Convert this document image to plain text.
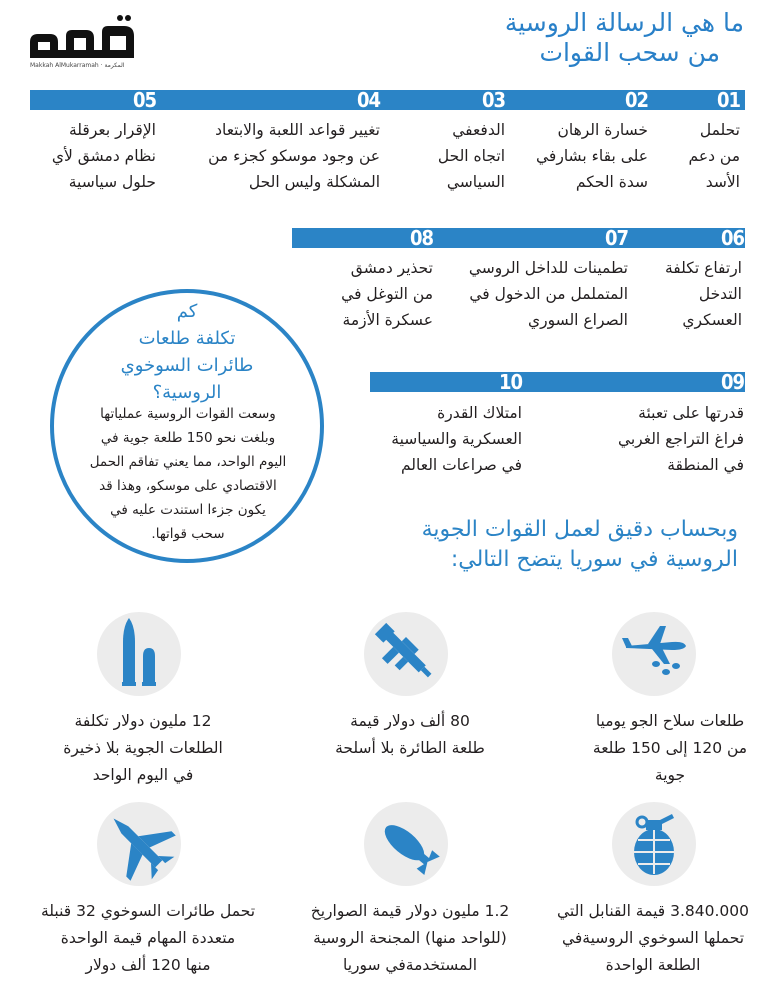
Makkah AlMukarramah · المكرمة
ما هي الرسالة الروسية
من سحب القوات
01
02
03
04
05
تحلمل
من دعم
الأسد
خسارة الرهان
على بقاء بشارفي
سدة الحكم
الدفعفي
اتجاه الحل
السياسي
تغيير قواعد اللعبة والابتعاد
عن وجود موسكو كجزء من
المشكلة وليس الحل
الإقرار بعرقلة
نظام دمشق لأي
حلول سياسية
06
07
08
ارتفاع تكلفة
التدخل
العسكري
تطمينات للداخل الروسي
المتململ من الدخول في
الصراع السوري
تحذير دمشق
من التوغل في
عسكرة الأزمة
09
10
قدرتها على تعبئة
فراغ التراجع الغربي
في المنطقة
امتلاك القدرة
العسكرية والسياسية
في صراعات العالم
كم
تكلفة طلعات
طائرات السوخوي
الروسية؟
وسعت القوات الروسية عملياتها
وبلغت نحو 150 طلعة جوية في
اليوم الواحد، مما يعني تفاقم الحمل
الاقتصادي على موسكو، وهذا قد
يكون جزءا استندت عليه في
سحب قواتها.	وبحساب دقيق لعمل القوات الجوية
الروسية في سوريا يتضح التالي:
طلعات سلاح الجو يوميا
من 120 إلى 150 طلعة
جوية
80 ألف دولار قيمة
طلعة الطائرة بلا أسلحة
12 مليون دولار تكلفة
الطلعات الجوية بلا ذخيرة
في اليوم الواحد
3.840.000 قيمة القنابل التي
تحملها السوخوي الروسيةفي
الطلعة الواحدة
1.2 مليون دولار قيمة الصواريخ
(للواحد منها) المجنحة الروسية
المستخدمةفي سوريا
تحمل طائرات السوخوي 32 قنبلة
متعددة المهام قيمة الواحدة
منها 120 ألف دولار
